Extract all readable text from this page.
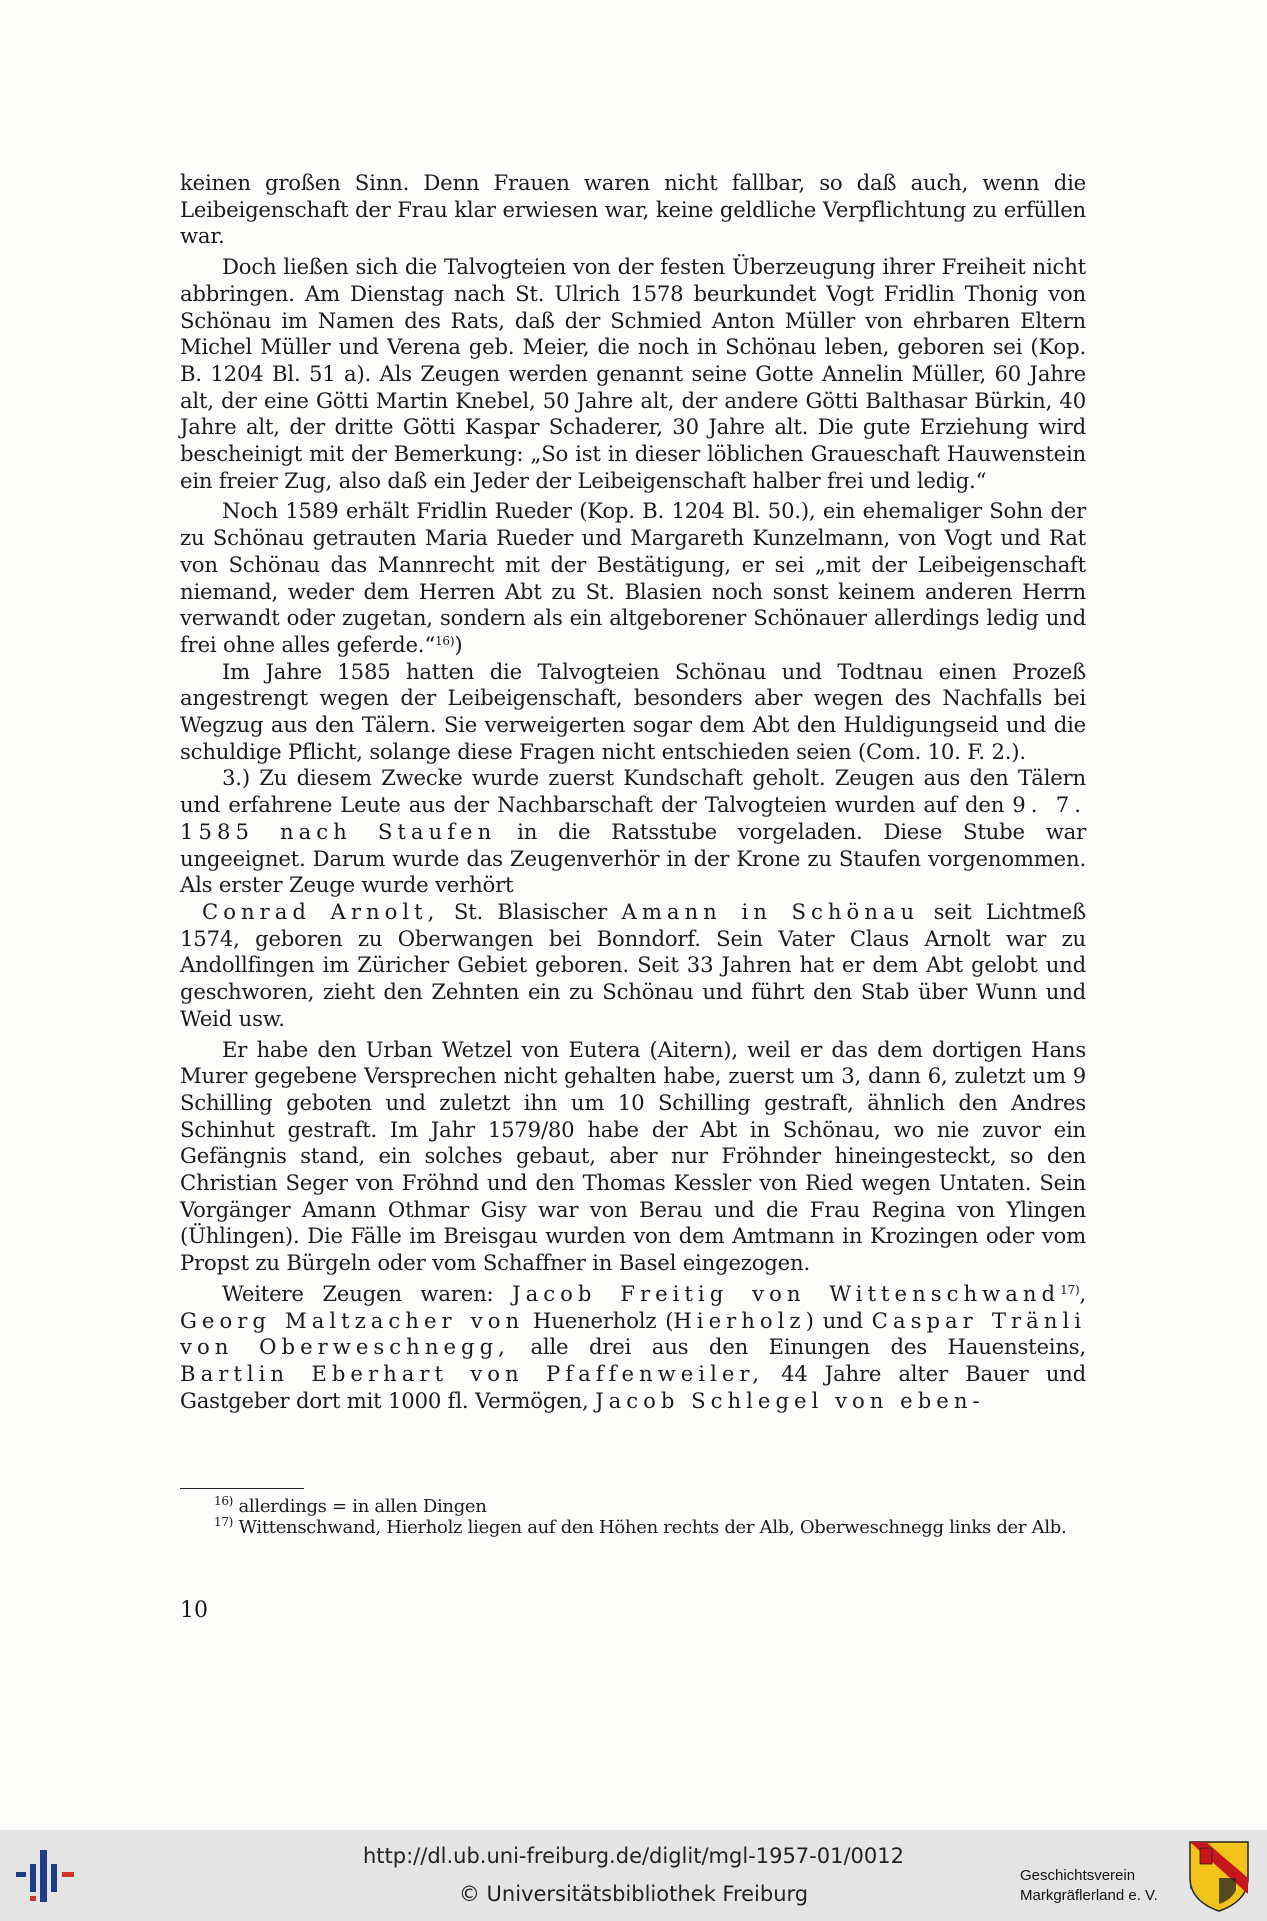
keinen großen Sinn. Denn Frauen waren nicht fallbar, so daß auch, wenn die Leibeigenschaft der Frau klar erwiesen war, keine geldliche Verpflichtung zu erfüllen war.

Doch ließen sich die Talvogteien von der festen Überzeugung ihrer Freiheit nicht abbringen. Am Dienstag nach St. Ulrich 1578 beurkundet Vogt Fridlin Thonig von Schönau im Namen des Rats, daß der Schmied Anton Müller von ehrbaren Eltern Michel Müller und Verena geb. Meier, die noch in Schönau leben, geboren sei (Kop. B. 1204 Bl. 51 a). Als Zeugen werden genannt seine Gotte Annelin Müller, 60 Jahre alt, der eine Götti Martin Knebel, 50 Jahre alt, der andere Götti Balthasar Bürkin, 40 Jahre alt, der dritte Götti Kaspar Schaderer, 30 Jahre alt. Die gute Erziehung wird bescheinigt mit der Bemerkung: „So ist in dieser löblichen Graueschaft Hauwenstein ein freier Zug, also daß ein Jeder der Leibeigenschaft halber frei und ledig.“

Noch 1589 erhält Fridlin Rueder (Kop. B. 1204 Bl. 50.), ein ehemaliger Sohn der zu Schönau getrauten Maria Rueder und Margareth Kunzelmann, von Vogt und Rat von Schönau das Mannrecht mit der Bestätigung, er sei „mit der Leibeigenschaft niemand, weder dem Herren Abt zu St. Blasien noch sonst keinem anderen Herrn verwandt oder zugetan, sondern als ein altgeborener Schönauer allerdings ledig und frei ohne alles geferde.“$^{16)}$)

Im Jahre 1585 hatten die Talvogteien Schönau und Todtnau einen Prozeß angestrengt wegen der Leibeigenschaft, besonders aber wegen des Nachfalls bei Wegzug aus den Tälern. Sie verweigerten sogar dem Abt den Huldigungseid und die schuldige Pflicht, solange diese Fragen nicht entschieden seien (Com. 10. F. 2.).

3.) Zu diesem Zwecke wurde zuerst Kundschaft geholt. Zeugen aus den Tälern und erfahrene Leute aus der Nachbarschaft der Talvogteien wurden auf den 9. 7. 1585 nach Staufen in die Ratsstube vorgeladen. Diese Stube war ungeeignet. Darum wurde das Zeugenverhör in der Krone zu Staufen vorgenommen. Als erster Zeuge wurde verhört

Conrad Arnolt, St. Blasischer Amann in Schönau seit Lichtmeß 1574, geboren zu Oberwangen bei Bonndorf. Sein Vater Claus Arnolt war zu Andollfingen im Züricher Gebiet geboren. Seit 33 Jahren hat er dem Abt gelobt und geschworen, zieht den Zehnten ein zu Schönau und führt den Stab über Wunn und Weid usw.

Er habe den Urban Wetzel von Eutera (Aitern), weil er das dem dortigen Hans Murer gegebene Versprechen nicht gehalten habe, zuerst um 3, dann 6, zuletzt um 9 Schilling geboten und zuletzt ihn um 10 Schilling gestraft, ähnlich den Andres Schinhut gestraft. Im Jahr 1579/80 habe der Abt in Schönau, wo nie zuvor ein Gefängnis stand, ein solches gebaut, aber nur Fröhnder hineingesteckt, so den Christian Seger von Fröhnd und den Thomas Kessler von Ried wegen Untaten. Sein Vorgänger Amann Othmar Gisy war von Berau und die Frau Regina von Ylingen (Ühlingen). Die Fälle im Breisgau wurden von dem Amtmann in Krozingen oder vom Propst zu Bürgeln oder vom Schaffner in Basel eingezogen.

Weitere Zeugen waren: Jacob Freitig von Wittenschwand$^{17)}$, Georg Maltzacher von Huenerholz (Hierholz) und Caspar Tränli von Oberweschnegg, alle drei aus den Einungen des Hauensteins, Bartlin Eberhart von Pfaffenweiler, 44 Jahre alter Bauer und Gastgeber dort mit 1000 fl. Vermögen, Jacob Schlegel von eben-

$^{16)}$ allerdings = in allen Dingen

$^{17)}$ Wittenschwand, Hierholz liegen auf den Höhen rechts der Alb, Oberweschnegg links der Alb.

10
http://dl.ub.uni-freiburg.de/diglit/mgl-1957-01/0012
© Universitätsbibliothek Freiburg
Geschichtsverein
Markgräflerland e. V.
